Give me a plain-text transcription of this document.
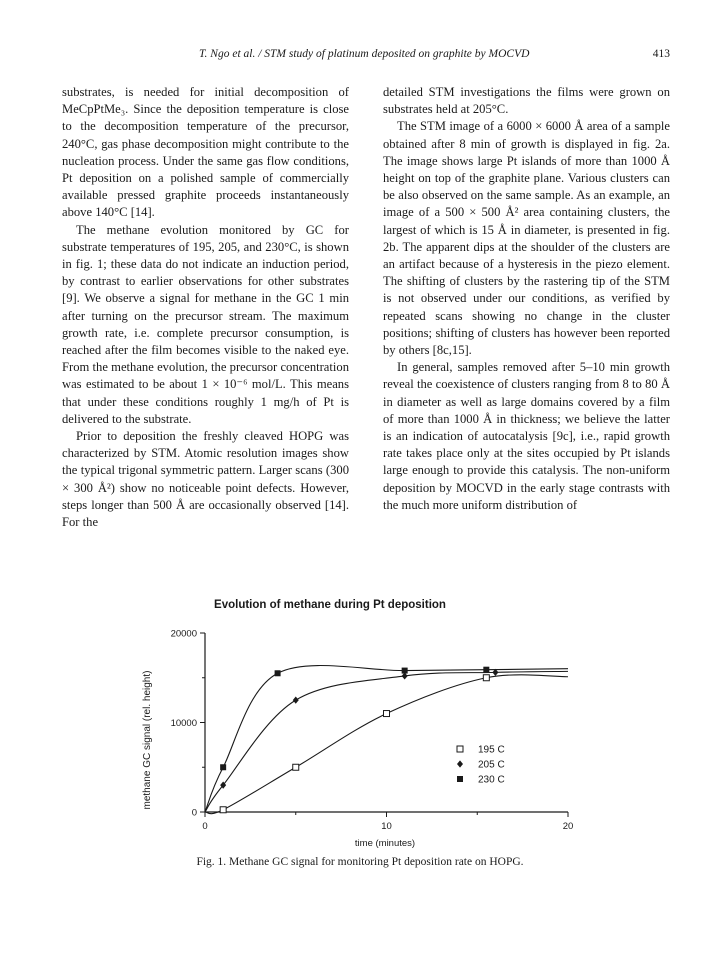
T. Ngo et al. / STM study of platinum deposited on graphite by MOCVD	413

substrates, is needed for initial decomposition of MeCpPtMe₃. Since the deposition temperature is close to the decomposition temperature of the precursor, 240°C, gas phase decomposition might contribute to the nucleation process. Under the same gas flow conditions, Pt deposition on a polished sample of commercially available pressed graphite proceeds instantaneously above 140°C [14].

The methane evolution monitored by GC for substrate temperatures of 195, 205, and 230°C, is shown in fig. 1; these data do not indicate an induction period, by contrast to earlier observations for other substrates [9]. We observe a signal for methane in the GC 1 min after turning on the precursor stream. The maximum growth rate, i.e. complete precursor consumption, is reached after the film becomes visible to the naked eye. From the methane evolution, the precursor concentration was estimated to be about 1 × 10⁻⁶ mol/L. This means that under these conditions roughly 1 mg/h of Pt is delivered to the substrate.

Prior to deposition the freshly cleaved HOPG was characterized by STM. Atomic resolution images show the typical trigonal symmetric pattern. Larger scans (300 × 300 Å²) show no noticeable point defects. However, steps longer than 500 Å are occasionally observed [14]. For the

detailed STM investigations the films were grown on substrates held at 205°C.

The STM image of a 6000 × 6000 Å area of a sample obtained after 8 min of growth is displayed in fig. 2a. The image shows large Pt islands of more than 1000 Å height on top of the graphite plane. Various clusters can be also observed on the same sample. As an example, an image of a 500 × 500 Å² area containing clusters, the largest of which is 15 Å in diameter, is presented in fig. 2b. The apparent dips at the shoulder of the clusters are an artifact because of a hysteresis in the piezo element. The shifting of clusters by the rastering tip of the STM is not observed under our conditions, as verified by repeated scans showing no change in the cluster positions; shifting of clusters has however been reported by others [8c,15].

In general, samples removed after 5–10 min growth reveal the coexistence of clusters ranging from 8 to 80 Å in diameter as well as large domains covered by a film of more than 1000 Å in thickness; we believe the latter is an indication of autocatalysis [9c], i.e., rapid growth rate takes place only at the sites occupied by Pt islands large enough to provide this catalysis. The non-uniform deposition by MOCVD in the early stage contrasts with the much more uniform distribution of

Evolution of methane during Pt deposition
methane GC signal (rel. height)
time (minutes)
0
10000
20000
0	10	20
195 C
205 C
230 C
Fig. 1. Methane GC signal for monitoring Pt deposition rate on HOPG.
